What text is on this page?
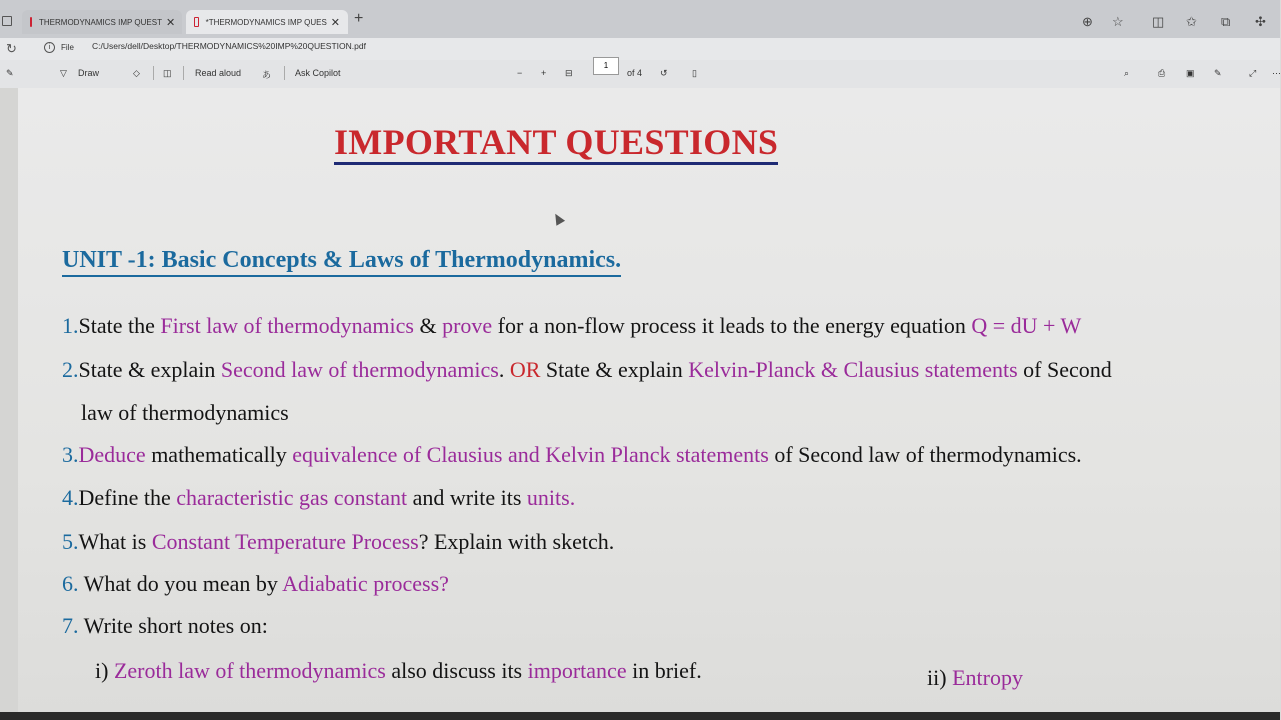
THERMODYNAMICS IMP QUEST ✕	*THERMODYNAMICS IMP QUES ✕ +	⊕ ☆ ◫ ✩ ⧉ ✣
↻	i	File C:/Users/dell/Desktop/THERMODYNAMICS%20IMP%20QUESTION.pdf
✎	▽ Draw	◇	◫	Read aloud あ	Ask Copilot	− + ⊟	of 4 ↺	▯	⌕	⎙ ▣ ✎	⤢ ⋯
1
IMPORTANT QUESTIONS
UNIT -1: Basic Concepts & Laws of Thermodynamics.
1.State the First law of thermodynamics & prove for a non-flow process it leads to the energy equation Q = dU + W
2.State & explain Second law of thermodynamics. OR State & explain Kelvin-Planck & Clausius statements of Second
law of thermodynamics
3.Deduce mathematically equivalence of Clausius and Kelvin Planck statements of Second law of thermodynamics.
4.Define the characteristic gas constant and write its units.
5.What is Constant Temperature Process? Explain with sketch.
6. What do you mean by Adiabatic process?
7. Write short notes on:
i) Zeroth law of thermodynamics also discuss its importance in brief.	ii) Entropy
